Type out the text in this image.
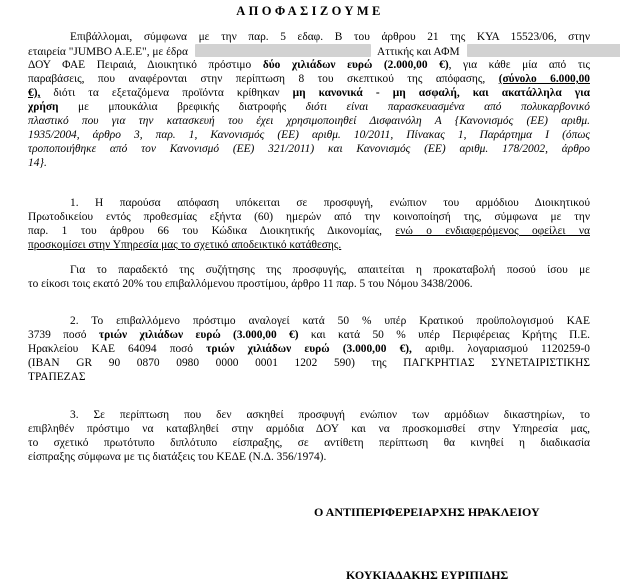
ΑΠΟΦΑΣΙΖΟΥΜΕ
Επιβάλλομαι, σύμφωνα με την παρ. 5 εδαφ. Β του άρθρου 21 της ΚΥΑ 15523/06, στην
εταιρεία "JUMBO A.E.E", με έδρα	Αττικής και ΑΦΜ
ΔΟΥ ΦΑΕ Πειραιά, Διοικητικό πρόστιμο δύο χιλιάδων ευρώ (2.000,00 €), για κάθε μία από τις
παραβάσεις, που αναφέρονται στην περίπτωση 8 του σκεπτικού της απόφασης, (σύνολο 6.000,00
€), διότι τα εξεταζόμενα προϊόντα κρίθηκαν μη κανονικά - μη ασφαλή, και ακατάλληλα για
χρήση με μπουκάλια βρεφικής διατροφής διότι είναι παρασκευασμένα από πολυκαρβονικό
πλαστικό που για την κατασκευή του έχει χρησιμοποιηθεί Δισφαινόλη Α {Κανονισμός (ΕΕ) αριθμ.
1935/2004, άρθρο 3, παρ. 1, Κανονισμός (ΕΕ) αριθμ. 10/2011, Πίνακας 1, Παράρτημα Ι (όπως
τροποποιήθηκε από τον Κανονισμό (ΕΕ) 321/2011) και Κανονισμός (ΕΕ) αριθμ. 178/2002, άρθρο
14}.
1. Η παρούσα απόφαση υπόκειται σε προσφυγή, ενώπιον του αρμόδιου Διοικητικού
Πρωτοδικείου εντός προθεσμίας εξήντα (60) ημερών από την κοινοποίησή της, σύμφωνα με την
παρ. 1 του άρθρου 66 του Κώδικα Διοικητικής Δικονομίας, ενώ ο ενδιαφερόμενος οφείλει να
προσκομίσει στην Υπηρεσία μας το σχετικό αποδεικτικό κατάθεσης.
Για το παραδεκτό της συζήτησης της προσφυγής, απαιτείται η προκαταβολή ποσού ίσου με
το είκοσι τοις εκατό 20% του επιβαλλόμενου προστίμου, άρθρο 11 παρ. 5 του Νόμου 3438/2006.
2. Το επιβαλλόμενο πρόστιμο αναλογεί κατά 50 % υπέρ Κρατικού προϋπολογισμού ΚΑΕ
3739 ποσό τριών χιλιάδων ευρώ (3.000,00 €) και κατά 50 % υπέρ Περιφέρειας Κρήτης Π.Ε.
Ηρακλείου ΚΑΕ 64094 ποσό τριών χιλιάδων ευρώ (3.000,00 €), αριθμ. λογαριασμού 1120259-0
(IBAN GR 90 0870 0980 0000 0001 1202 590) της ΠΑΓΚΡΗΤΙΑΣ ΣΥΝΕΤΑΙΡΙΣΤΙΚΗΣ
ΤΡΑΠΕΖΑΣ
3. Σε περίπτωση που δεν ασκηθεί προσφυγή ενώπιον των αρμόδιων δικαστηρίων, το
επιβληθέν πρόστιμο να καταβληθεί στην αρμόδια ΔΟΥ και να προσκομισθεί στην Υπηρεσία μας,
το σχετικό πρωτότυπο διπλότυπο είσπραξης, σε αντίθετη περίπτωση θα κινηθεί η διαδικασία
είσπραξης σύμφωνα με τις διατάξεις του ΚΕΔΕ (Ν.Δ. 356/1974).
Ο ΑΝΤΙΠΕΡΙΦΕΡΕΙΑΡΧΗΣ ΗΡΑΚΛΕΙΟΥ
ΚΟΥΚΙΑΔΑΚΗΣ ΕΥΡΙΠΙΔΗΣ
